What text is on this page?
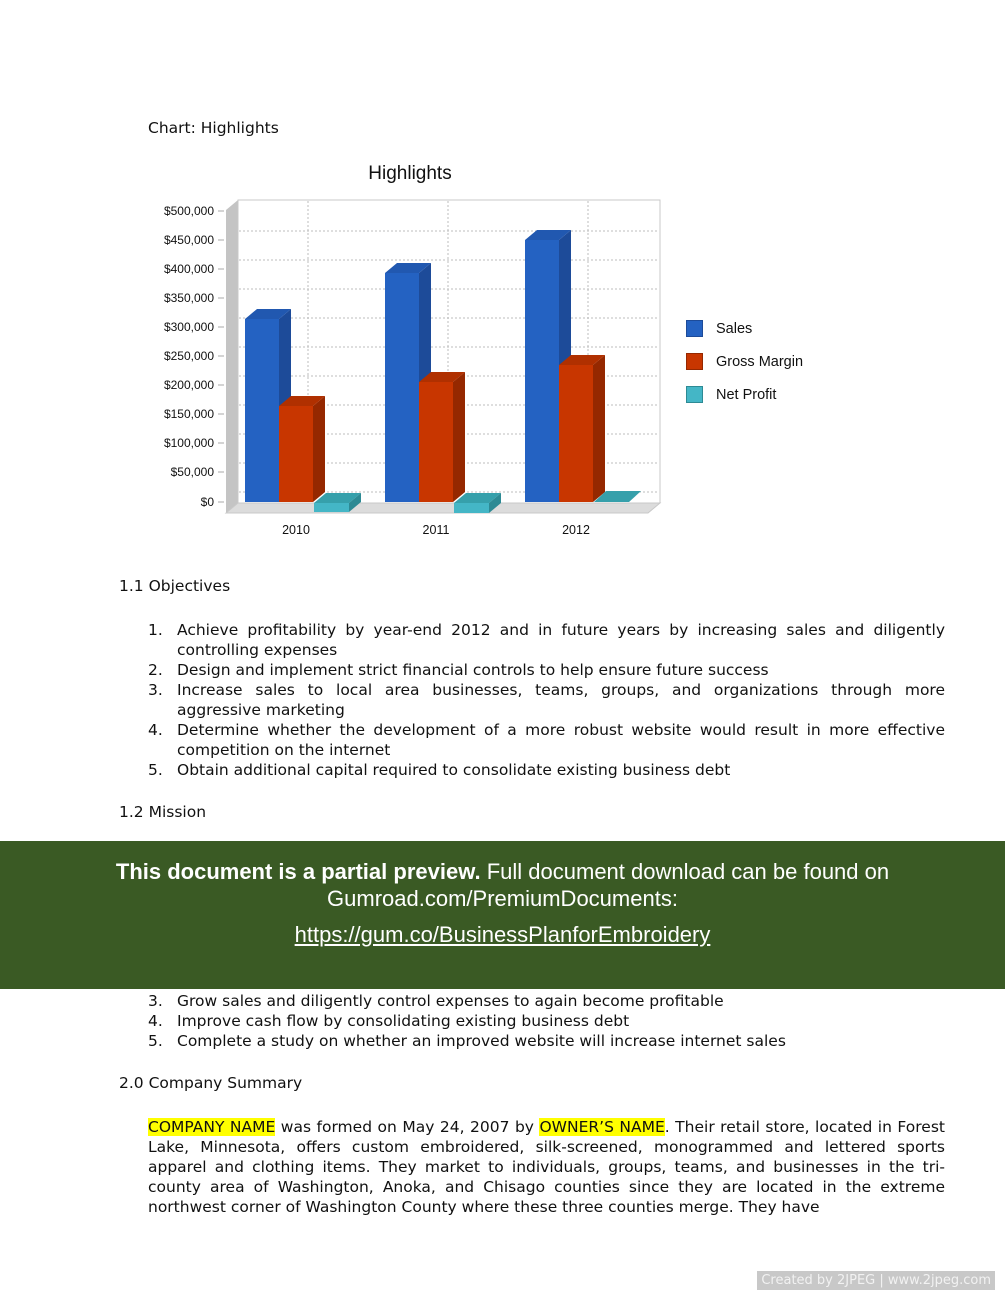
Chart: Highlights
Highlights
$500,000
$450,000
$400,000
$350,000
$300,000
$250,000
$200,000
$150,000
$100,000
$50,000
$0
2010	2011	2012
Sales
Gross Margin
Net Profit
1.1 Objectives
1. Achieve profitability by year-end 2012 and in future years by increasing sales and diligently controlling expenses
2. Design and implement strict financial controls to help ensure future success
3. Increase sales to local area businesses, teams, groups, and organizations through more aggressive marketing
4. Determine whether the development of a more robust website would result in more effective competition on the internet
5. Obtain additional capital required to consolidate existing business debt
1.2 Mission
3. Grow sales and diligently control expenses to again become profitable
4. Improve cash flow by consolidating existing business debt
5. Complete a study on whether an improved website will increase internet sales
2.0 Company Summary
COMPANY NAME was formed on May 24, 2007 by OWNER’S NAME. Their retail store, located in Forest Lake, Minnesota, offers custom embroidered, silk-screened, monogrammed and lettered sports apparel and clothing items. They market to individuals, groups, teams, and businesses in the tri-county area of Washington, Anoka, and Chisago counties since they are located in the extreme northwest corner of Washington County where these three counties merge. They have
This document is a partial preview. Full document download can be found on Gumroad.com/PremiumDocuments:
https://gum.co/BusinessPlanforEmbroidery
Created by 2JPEG | www.2jpeg.com
